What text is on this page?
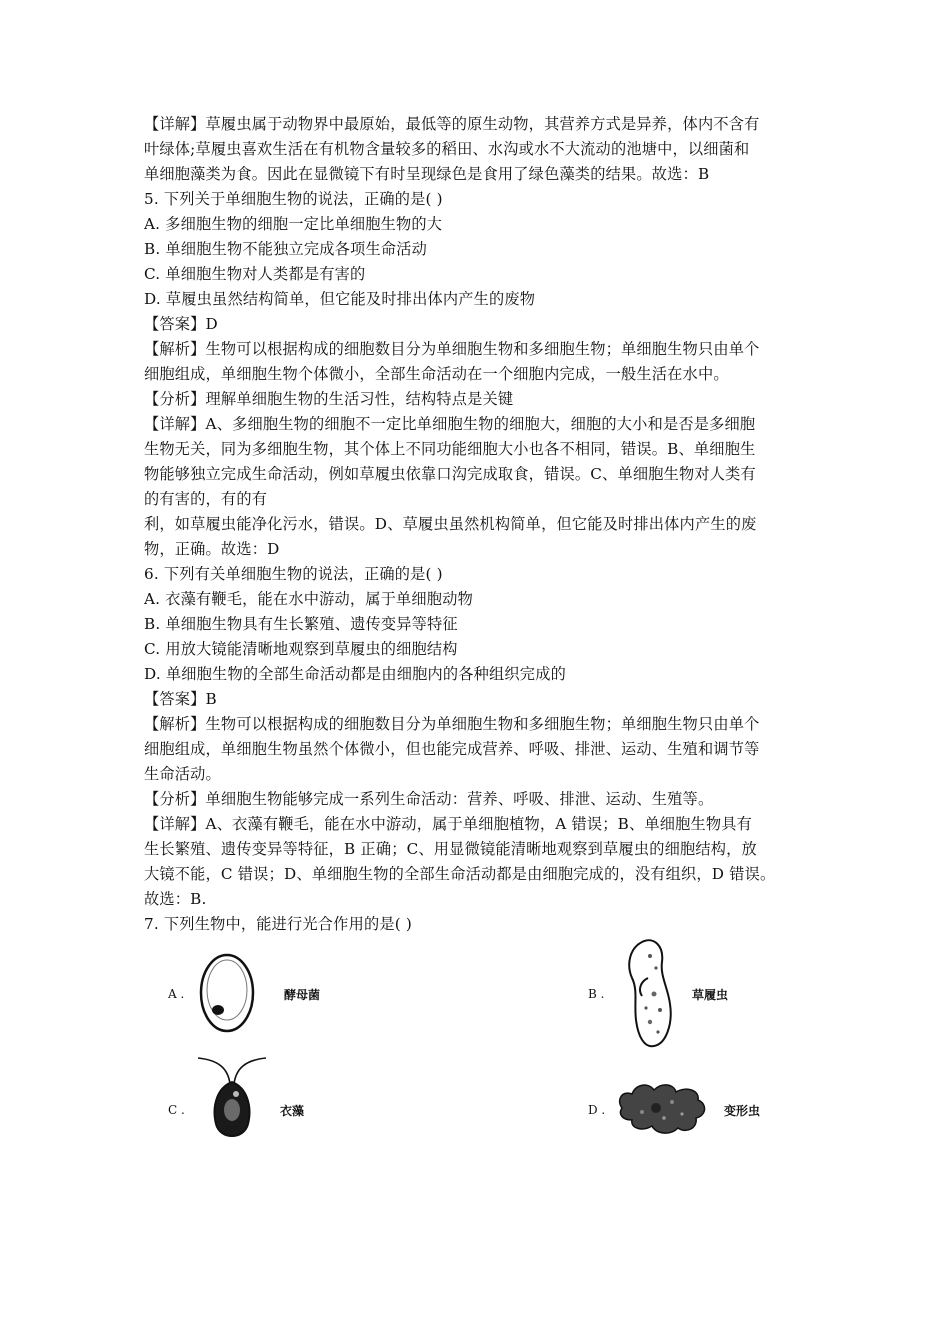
【详解】草履虫属于动物界中最原始，最低等的原生动物，其营养方式是异养，体内不含有
叶绿体;草履虫喜欢生活在有机物含量较多的稻田、水沟或水不大流动的池塘中，以细菌和
单细胞藻类为食。因此在显微镜下有时呈现绿色是食用了绿色藻类的结果。故选：B
5. 下列关于单细胞生物的说法，正确的是( )
A. 多细胞生物的细胞一定比单细胞生物的大
B. 单细胞生物不能独立完成各项生命活动
C. 单细胞生物对人类都是有害的
D. 草履虫虽然结构简单，但它能及时排出体内产生的废物
【答案】D
【解析】生物可以根据构成的细胞数目分为单细胞生物和多细胞生物；单细胞生物只由单个
细胞组成，单细胞生物个体微小，全部生命活动在一个细胞内完成，一般生活在水中。
【分析】理解单细胞生物的生活习性，结构特点是关键
【详解】A、多细胞生物的细胞不一定比单细胞生物的细胞大，细胞的大小和是否是多细胞
生物无关，同为多细胞生物，其个体上不同功能细胞大小也各不相同，错误。B、单细胞生
物能够独立完成生命活动，例如草履虫依靠口沟完成取食，错误。C、单细胞生物对人类有
的有害的，有的有
利，如草履虫能净化污水，错误。D、草履虫虽然机构简单，但它能及时排出体内产生的废
物，正确。故选：D
6. 下列有关单细胞生物的说法，正确的是( )
A. 衣藻有鞭毛，能在水中游动，属于单细胞动物
B. 单细胞生物具有生长繁殖、遗传变异等特征
C. 用放大镜能清晰地观察到草履虫的细胞结构
D. 单细胞生物的全部生命活动都是由细胞内的各种组织完成的
【答案】B
【解析】生物可以根据构成的细胞数目分为单细胞生物和多细胞生物；单细胞生物只由单个
细胞组成，单细胞生物虽然个体微小，但也能完成营养、呼吸、排泄、运动、生殖和调节等
生命活动。
【分析】单细胞生物能够完成一系列生命活动：营养、呼吸、排泄、运动、生殖等。
【详解】A、衣藻有鞭毛，能在水中游动，属于单细胞植物，A 错误；B、单细胞生物具有
生长繁殖、遗传变异等特征，B 正确；C、用显微镜能清晰地观察到草履虫的细胞结构，放
大镜不能，C 错误；D、单细胞生物的全部生命活动都是由细胞完成的，没有组织，D 错误。
故选：B.
7. 下列生物中，能进行光合作用的是( )
A .	酵母菌	B .	草履虫
C .	衣藻	D .	变形虫
